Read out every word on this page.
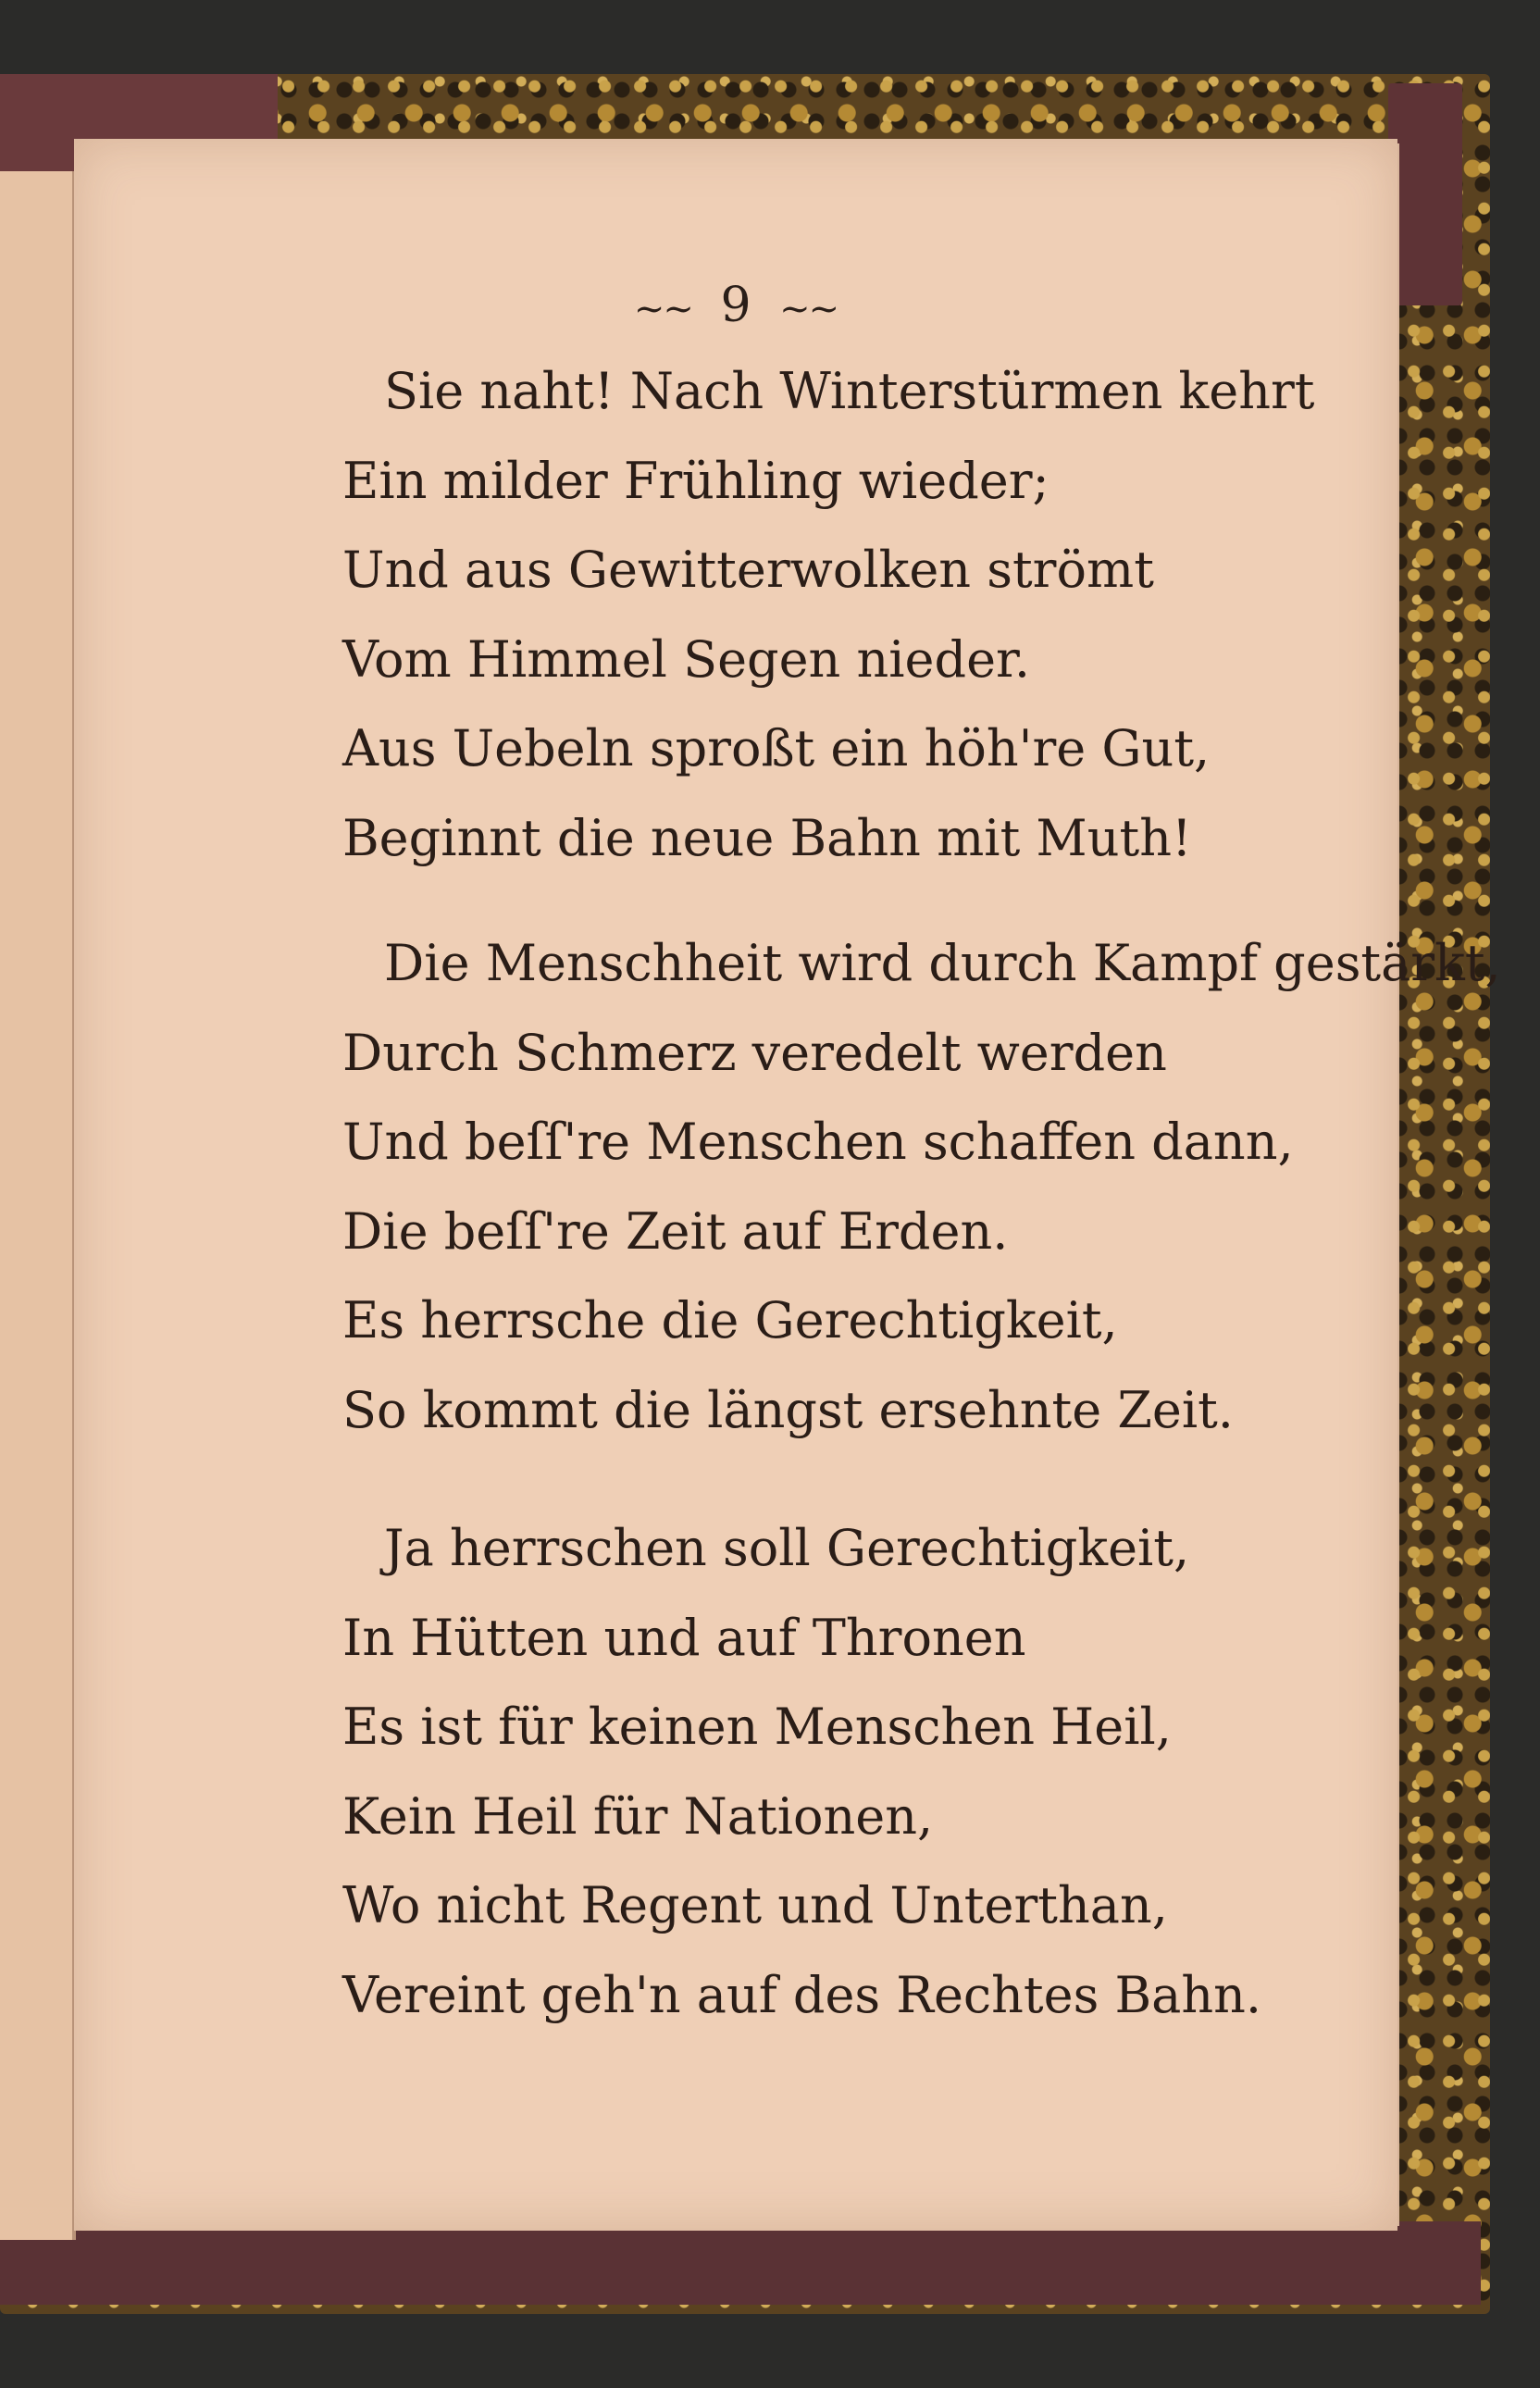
~~ 9 ~~
Sie naht! Nach Winterstürmen kehrt
Ein milder Frühling wieder;
Und aus Gewitterwolken strömt
Vom Himmel Segen nieder.
Aus Uebeln sproßt ein höh're Gut,
Beginnt die neue Bahn mit Muth!
Die Menschheit wird durch Kampf gestärkt,
Durch Schmerz veredelt werden
Und beſſ're Menschen schaffen dann,
Die beſſ're Zeit auf Erden.
Es herrsche die Gerechtigkeit,
So kommt die längst ersehnte Zeit.
Ja herrschen soll Gerechtigkeit,
In Hütten und auf Thronen
Es ist für keinen Menschen Heil,
Kein Heil für Nationen,
Wo nicht Regent und Unterthan,
Vereint geh'n auf des Rechtes Bahn.
